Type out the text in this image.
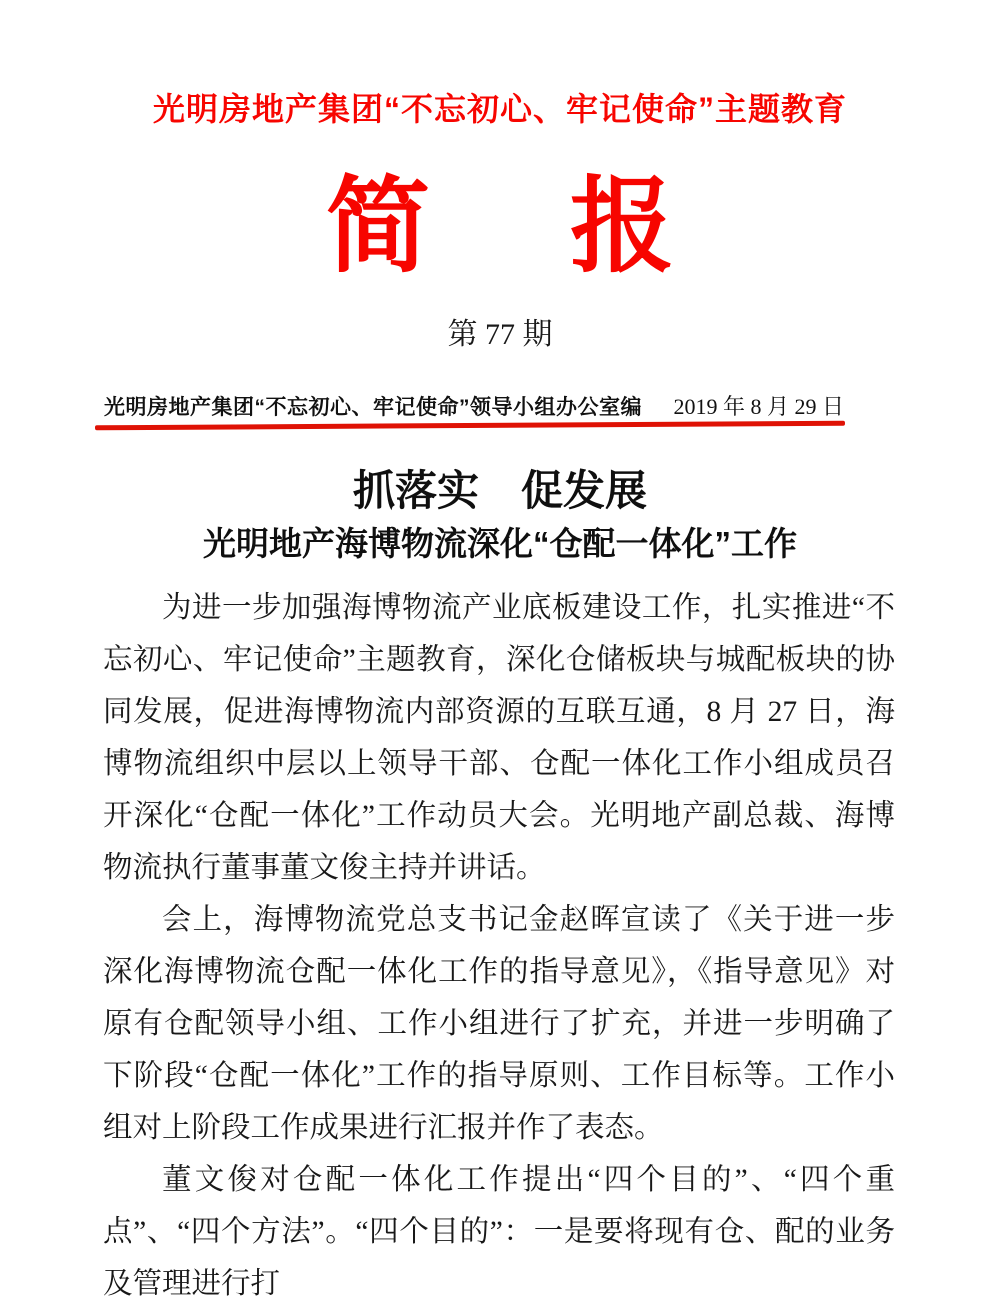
光明房地产集团“不忘初心、牢记使命”主题教育
简 报
第 77 期
光明房地产集团“不忘初心、牢记使命”领导小组办公室编 2019 年 8 月 29 日
抓落实　促发展
光明地产海博物流深化“仓配一体化”工作

为进一步加强海博物流产业底板建设工作，扎实推进“不忘初心、牢记使命”主题教育，深化仓储板块与城配板块的协同发展，促进海博物流内部资源的互联互通，8 月 27 日，海博物流组织中层以上领导干部、仓配一体化工作小组成员召开深化“仓配一体化”工作动员大会。光明地产副总裁、海博物流执行董事董文俊主持并讲话。

会上，海博物流党总支书记金赵晖宣读了《关于进一步深化海博物流仓配一体化工作的指导意见》，《指导意见》对原有仓配领导小组、工作小组进行了扩充，并进一步明确了下阶段“仓配一体化”工作的指导原则、工作目标等。工作小组对上阶段工作成果进行汇报并作了表态。

董文俊对仓配一体化工作提出“四个目的”、“四个重点”、“四个方法”。“四个目的”：一是要将现有仓、配的业务及管理进行打
